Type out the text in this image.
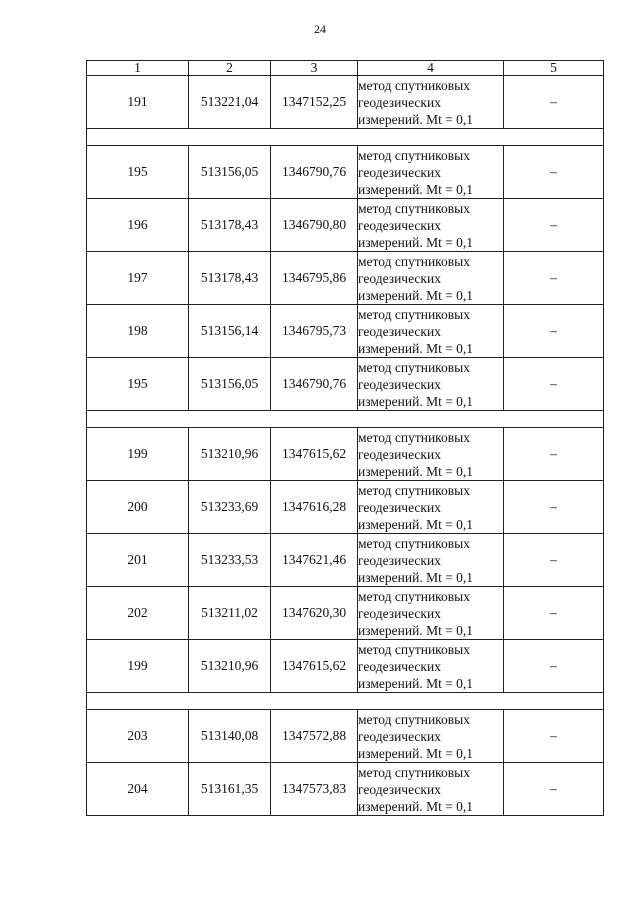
24
1	2	3	4	5
191	513221,04	1347152,25	метод спутниковых
геодезических
измерений. Mt = 0,1	–

195	513156,05	1346790,76	метод спутниковых
геодезических
измерений. Mt = 0,1	–
196	513178,43	1346790,80	метод спутниковых
геодезических
измерений. Mt = 0,1	–
197	513178,43	1346795,86	метод спутниковых
геодезических
измерений. Mt = 0,1	–
198	513156,14	1346795,73	метод спутниковых
геодезических
измерений. Mt = 0,1	–
195	513156,05	1346790,76	метод спутниковых
геодезических
измерений. Mt = 0,1	–

199	513210,96	1347615,62	метод спутниковых
геодезических
измерений. Mt = 0,1	–
200	513233,69	1347616,28	метод спутниковых
геодезических
измерений. Mt = 0,1	–
201	513233,53	1347621,46	метод спутниковых
геодезических
измерений. Mt = 0,1	–
202	513211,02	1347620,30	метод спутниковых
геодезических
измерений. Mt = 0,1	–
199	513210,96	1347615,62	метод спутниковых
геодезических
измерений. Mt = 0,1	–

203	513140,08	1347572,88	метод спутниковых
геодезических
измерений. Mt = 0,1	–
204	513161,35	1347573,83	метод спутниковых
геодезических
измерений. Mt = 0,1	–
